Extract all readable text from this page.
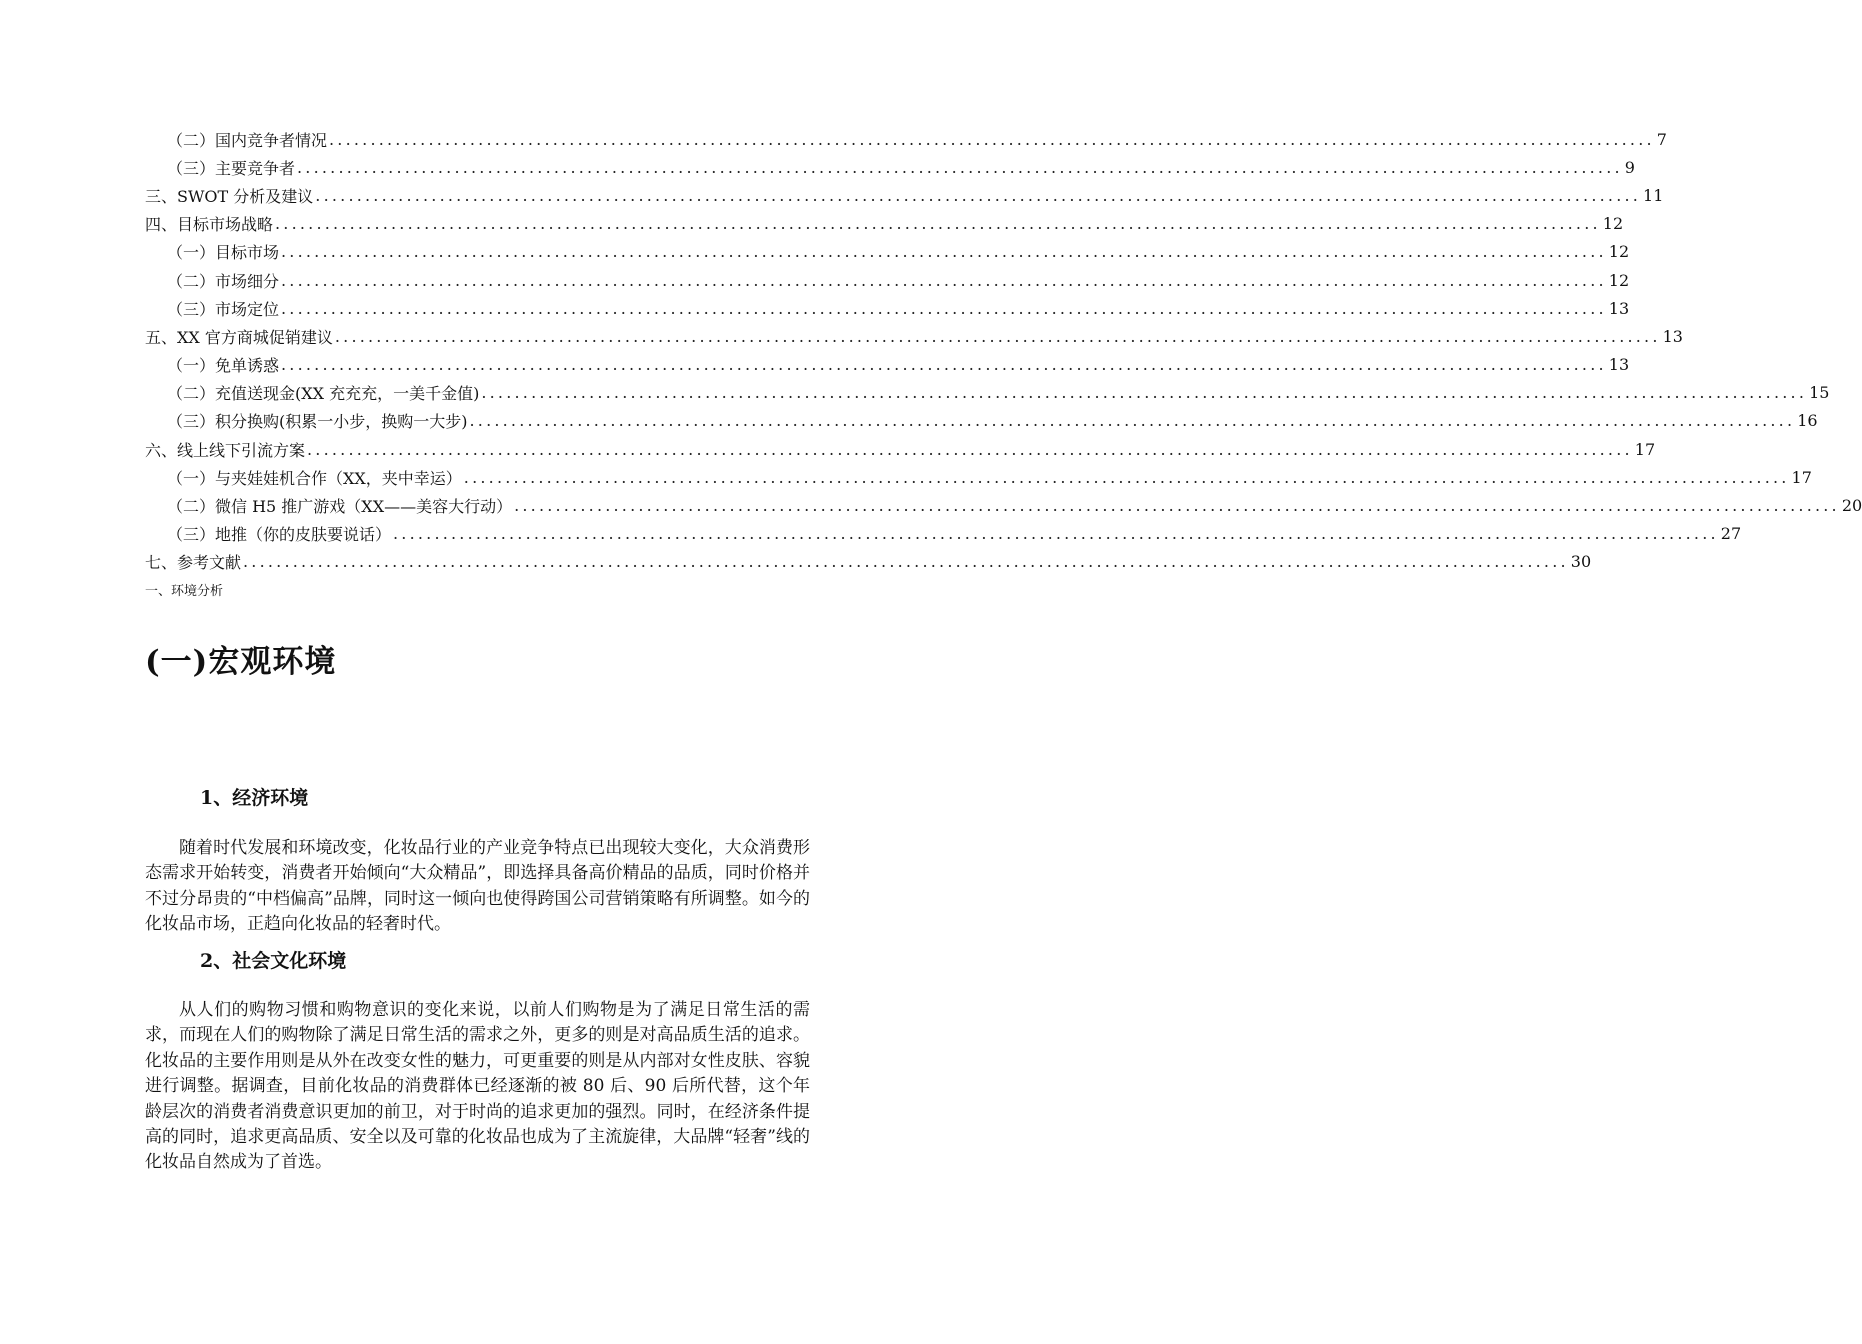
（二）国内竞争者情况 ................................................................................................................................................................ 7
（三）主要竞争者 ................................................................................................................................................................ 9
三、SWOT 分析及建议 ................................................................................................................................................................ 11
四、目标市场战略 ................................................................................................................................................................ 12
（一）目标市场 ................................................................................................................................................................ 12
（二）市场细分 ................................................................................................................................................................ 12
（三）市场定位 ................................................................................................................................................................ 13
五、XX 官方商城促销建议 ................................................................................................................................................................ 13
（一）免单诱惑 ................................................................................................................................................................ 13
（二）充值送现金(XX 充充充，一美千金值) ................................................................................................................................................................ 15
（三）积分换购(积累一小步，换购一大步) ................................................................................................................................................................ 16
六、线上线下引流方案 ................................................................................................................................................................ 17
（一）与夹娃娃机合作（XX，夹中幸运） ................................................................................................................................................................ 17
（二）微信 H5 推广游戏（XX——美容大行动） ................................................................................................................................................................ 20
（三）地推（你的皮肤要说话） ................................................................................................................................................................ 27
七、参考文献 ................................................................................................................................................................ 30
一、环境分析
(一)宏观环境
1、经济环境

随着时代发展和环境改变，化妆品行业的产业竞争特点已出现较大变化，大众消费形态需求开始转变，消费者开始倾向“大众精品”，即选择具备高价精品的品质，同时价格并不过分昂贵的“中档偏高”品牌，同时这一倾向也使得跨国公司营销策略有所调整。如今的化妆品市场，正趋向化妆品的轻奢时代。

2、社会文化环境

从人们的购物习惯和购物意识的变化来说，以前人们购物是为了满足日常生活的需求，而现在人们的购物除了满足日常生活的需求之外，更多的则是对高品质生活的追求。化妆品的主要作用则是从外在改变女性的魅力，可更重要的则是从内部对女性皮肤、容貌进行调整。据调查，目前化妆品的消费群体已经逐渐的被 80 后、90 后所代替，这个年龄层次的消费者消费意识更加的前卫，对于时尚的追求更加的强烈。同时，在经济条件提高的同时，追求更高品质、安全以及可靠的化妆品也成为了主流旋律，大品牌“轻奢”线的化妆品自然成为了首选。
